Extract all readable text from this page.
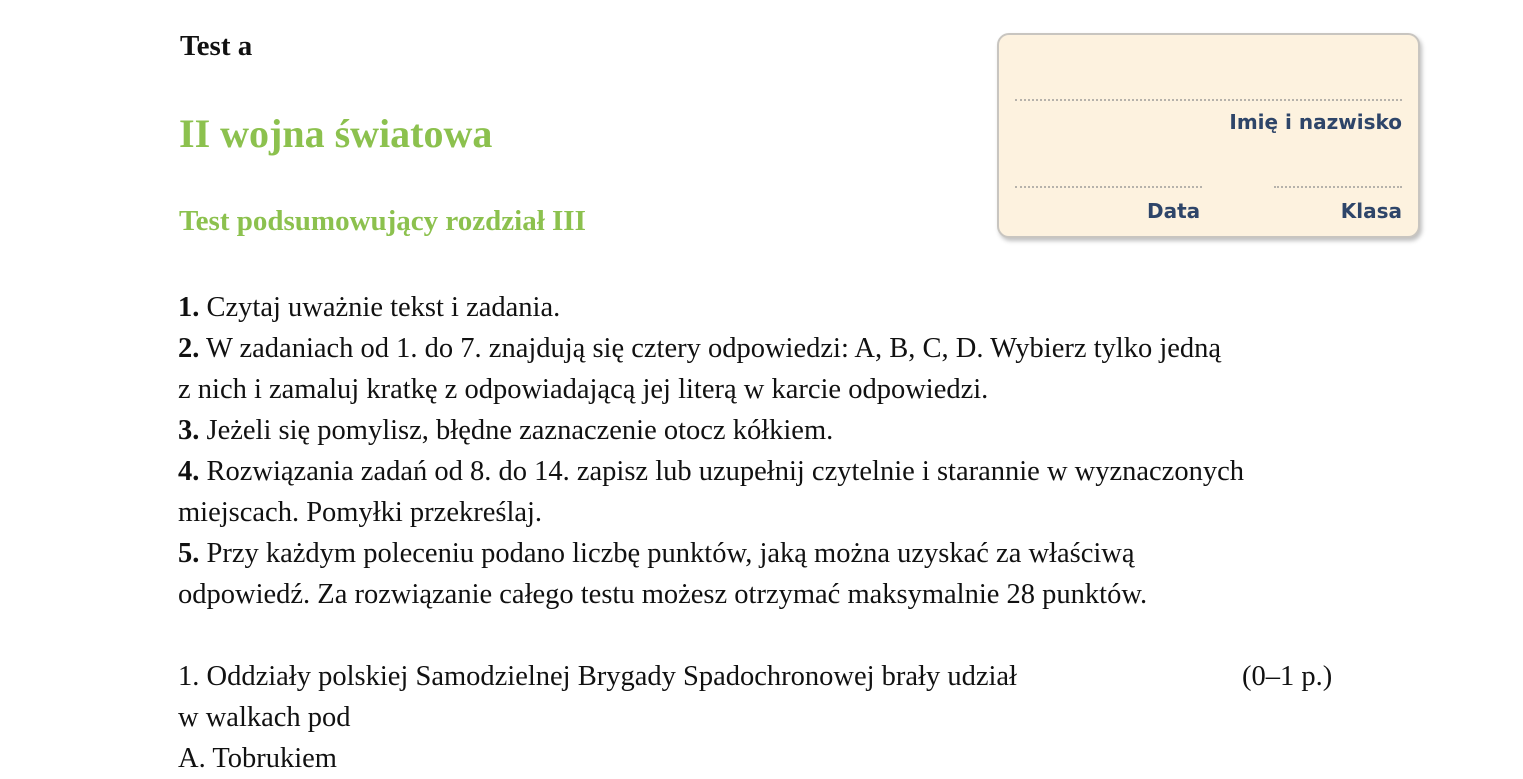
Test a
II wojna światowa
Test podsumowujący rozdział III
Imię i nazwisko
Data	Klasa
1. Czytaj uważnie tekst i zadania.
2. W zadaniach od 1. do 7. znajdują się cztery odpowiedzi: A, B, C, D. Wybierz tylko jedną
z nich i zamaluj kratkę z odpowiadającą jej literą w karcie odpowiedzi.
3. Jeżeli się pomylisz, błędne zaznaczenie otocz kółkiem.
4. Rozwiązania zadań od 8. do 14. zapisz lub uzupełnij czytelnie i starannie w wyznaczonych
miejscach. Pomyłki przekreślaj.
5. Przy każdym poleceniu podano liczbę punktów, jaką można uzyskać za właściwą
odpowiedź. Za rozwiązanie całego testu możesz otrzymać maksymalnie 28 punktów.
1. Oddziały polskiej Samodzielnej Brygady Spadochronowej brały udział	(0–1 p.)
w walkach pod
A. Tobrukiem
